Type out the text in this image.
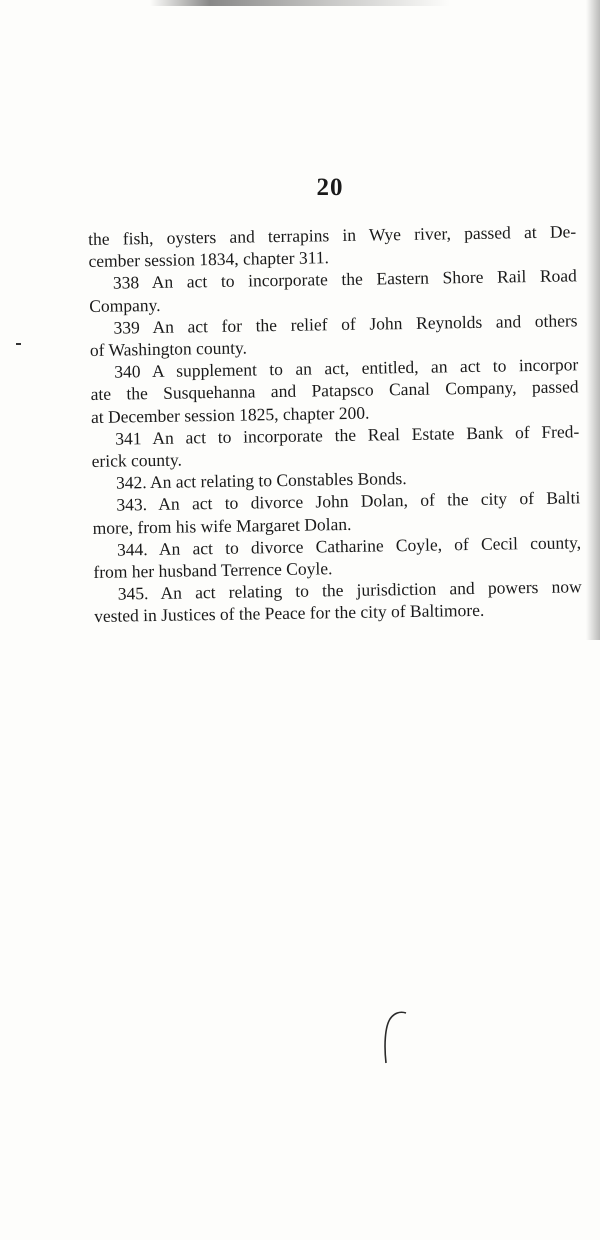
20
the fish, oysters and terrapins in Wye river, passed at De-
cember session 1834, chapter 311.
338 An act to incorporate the Eastern Shore Rail Road
Company.
339 An act for the relief of John Reynolds and others
of Washington county.
340 A supplement to an act, entitled, an act to incorpor
ate the Susquehanna and Patapsco Canal Company, passed
at December session 1825, chapter 200.
341 An act to incorporate the Real Estate Bank of Fred-
erick county.
342. An act relating to Constables Bonds.
343. An act to divorce John Dolan, of the city of Balti
more, from his wife Margaret Dolan.
344. An act to divorce Catharine Coyle, of Cecil county,
from her husband Terrence Coyle.
345. An act relating to the jurisdiction and powers now
vested in Justices of the Peace for the city of Baltimore.
